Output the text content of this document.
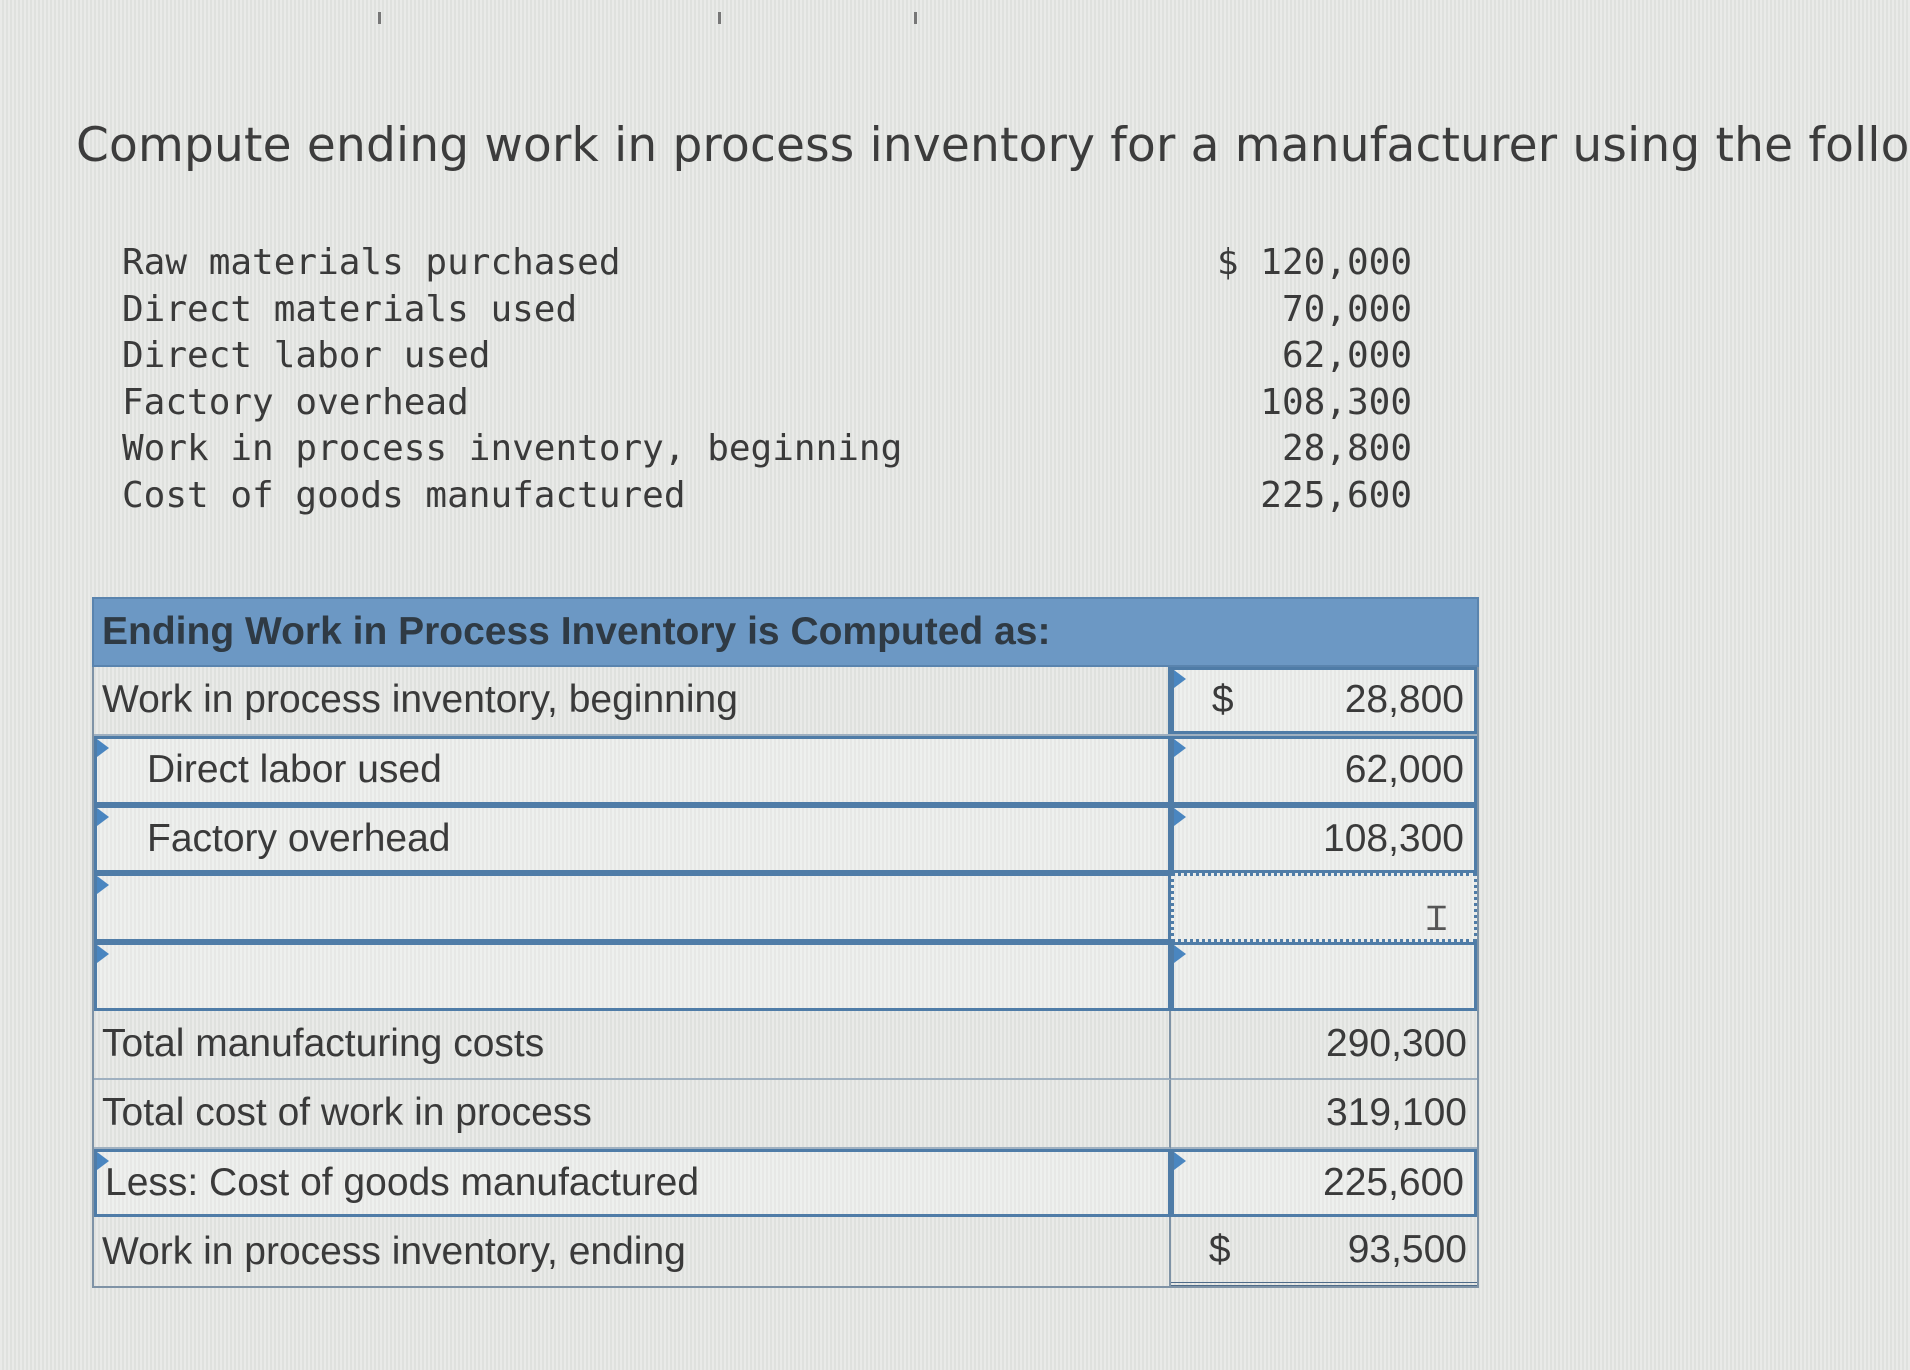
Compute ending work in process inventory for a manufacturer using the follo
Raw materials purchased	$ 120,000
Direct materials used	70,000
Direct labor used	62,000
Factory overhead	108,300
Work in process inventory, beginning	28,800
Cost of goods manufactured	225,600
Ending Work in Process Inventory is Computed as:
Work in process inventory, beginning	$	28,800
Direct labor used	62,000
Factory overhead	108,300
Ɪ
Total manufacturing costs	290,300
Total cost of work in process	319,100
Less: Cost of goods manufactured	225,600
Work in process inventory, ending	$	93,500
